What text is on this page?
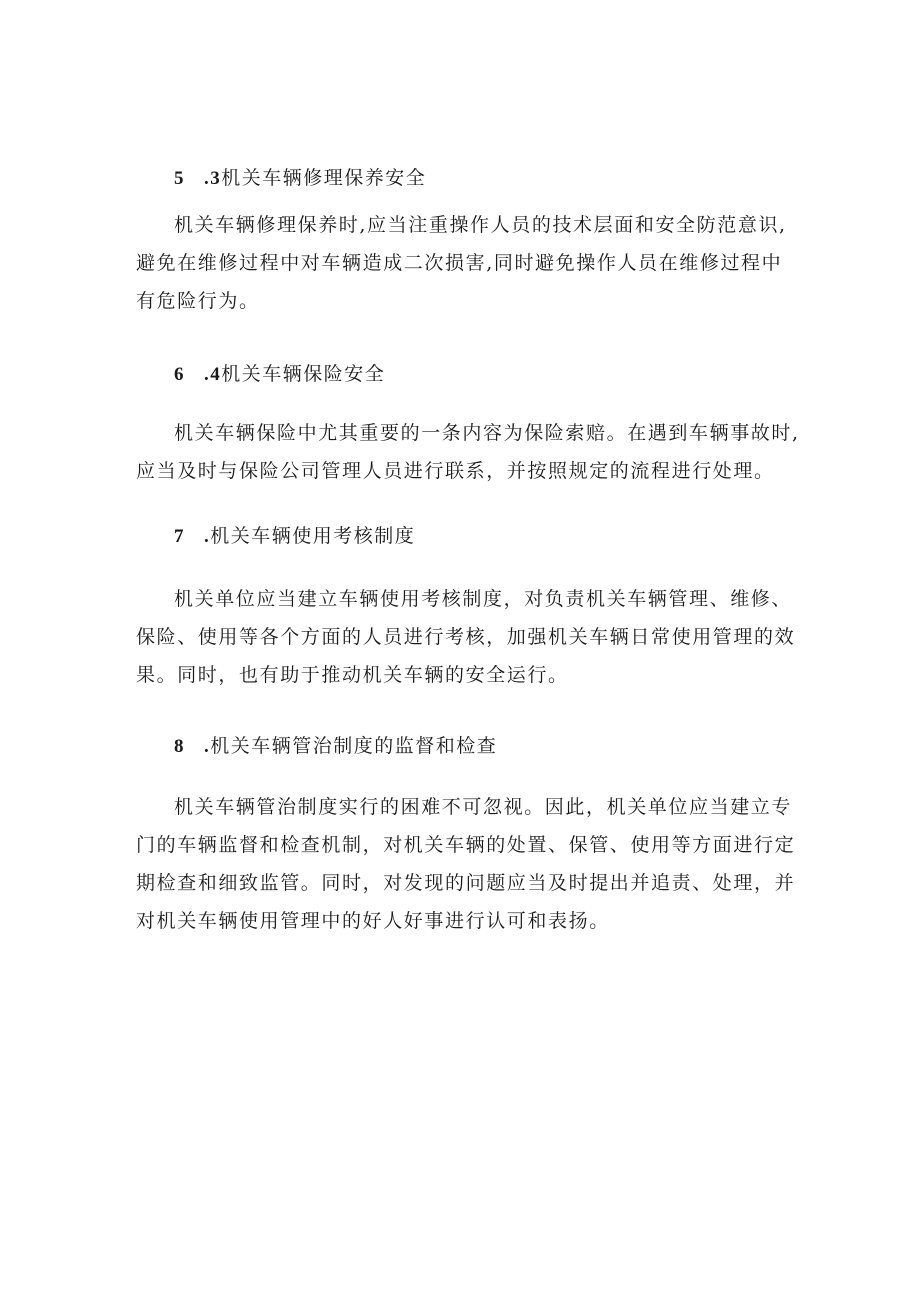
5 .3机关车辆修理保养安全
机关车辆修理保养时,应当注重操作人员的技术层面和安全防范意识,
避免在维修过程中对车辆造成二次损害,同时避免操作人员在维修过程中
有危险行为。
6 .4机关车辆保险安全
机关车辆保险中尤其重要的一条内容为保险索赔。在遇到车辆事故时,
应当及时与保险公司管理人员进行联系，并按照规定的流程进行处理。
7 .机关车辆使用考核制度
机关单位应当建立车辆使用考核制度，对负责机关车辆管理、维修、
保险、使用等各个方面的人员进行考核，加强机关车辆日常使用管理的效
果。同时，也有助于推动机关车辆的安全运行。
8 .机关车辆管治制度的监督和检查
机关车辆管治制度实行的困难不可忽视。因此，机关单位应当建立专
门的车辆监督和检查机制，对机关车辆的处置、保管、使用等方面进行定
期检查和细致监管。同时，对发现的问题应当及时提出并追责、处理，并
对机关车辆使用管理中的好人好事进行认可和表扬。
